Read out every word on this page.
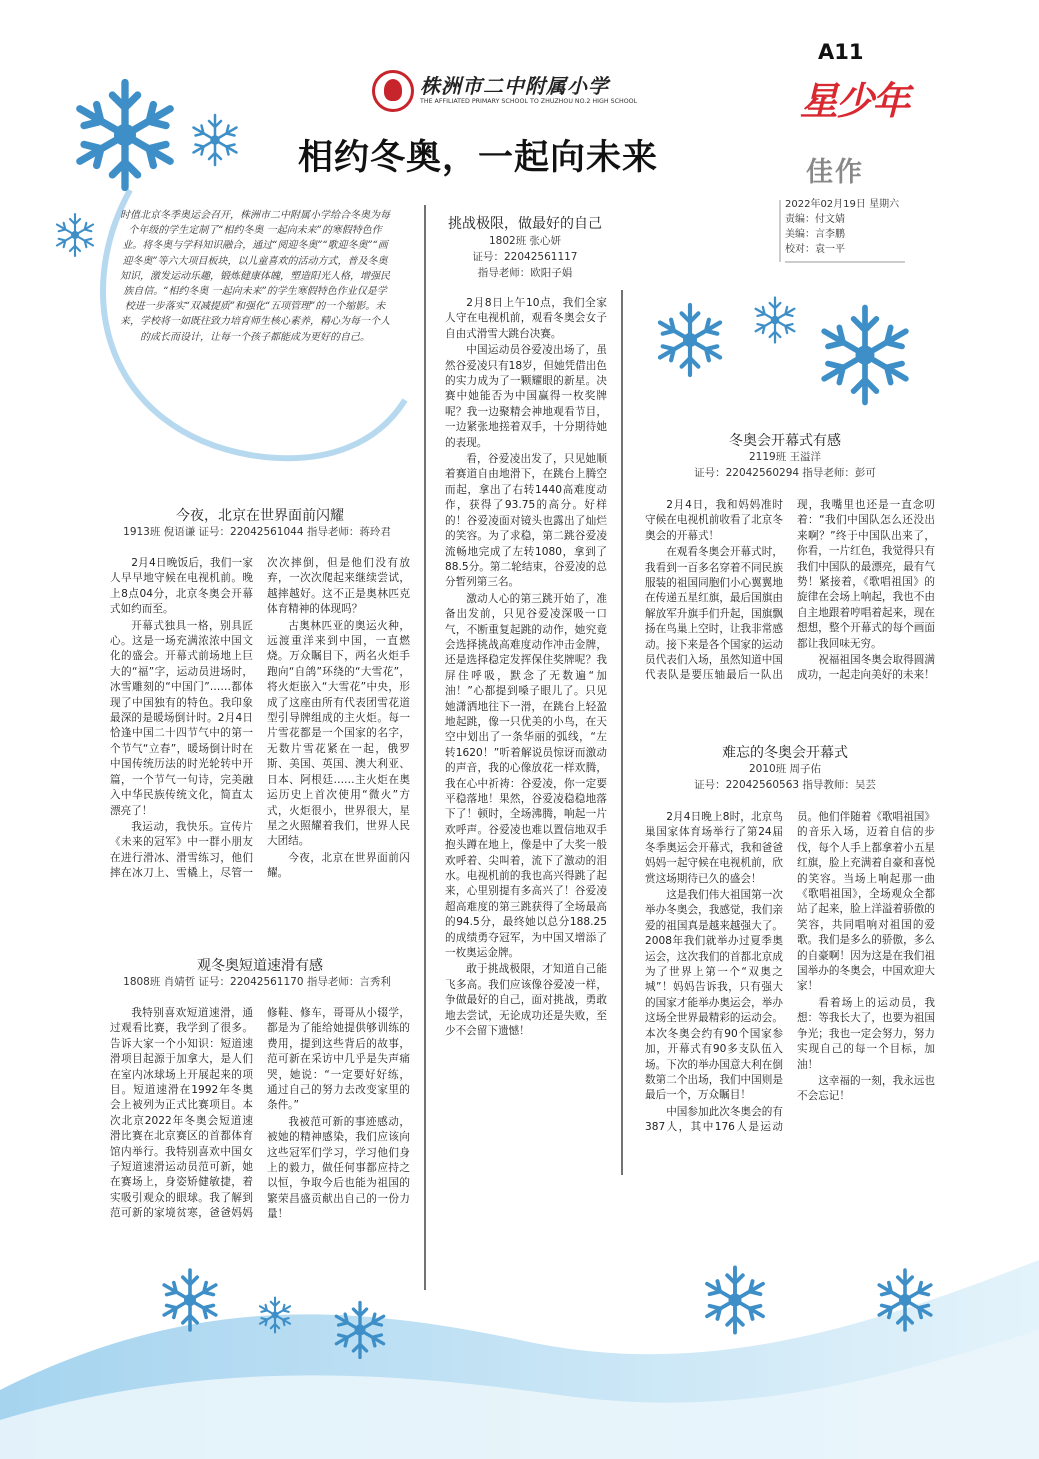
株洲市二中附属小学
THE AFFILIATED PRIMARY SCHOOL TO ZHUZHOU NO.2 HIGH SCHOOL
相约冬奥，一起向未来
A11
星少年
佳作
2022年02月19日 星期六
责编：付文婧
美编：言李鹏
校对：袁一平
时值北京冬季奥运会召开，株洲市二中附属小学给合冬奥为每个年级的学生定制了“相约冬奥 一起向未来”的寒假特色作业。将冬奥与学科知识融合，通过“阅迎冬奥”“歌迎冬奥”“画迎冬奥”等六大项目板块，以儿童喜欢的活动方式，普及冬奥知识，激发运动乐趣，锻炼健康体魄，塑造阳光人格，增强民族自信。“相约冬奥 一起向未来”的学生寒假特色作业仅是学校进一步落实“双减提质”和强化“五项管理”的一个缩影。未来，学校将一如既往致力培育师生核心素养，精心为每一个人的成长而设计，让每一个孩子都能成为更好的自己。
今夜，北京在世界面前闪耀
1913班 倪语谦 证号：22042561044 指导老师：蒋玲君

2月4日晚饭后，我们一家人早早地守候在电视机前。晚上8点04分，北京冬奥会开幕式如约而至。

开幕式独具一格，别具匠心。这是一场充满浓浓中国文化的盛会。开幕式前场地上巨大的“福”字，运动员进场时，冰雪雕刻的“中国门”……都体现了中国独有的特色。我印象最深的是暖场倒计时。2月4日恰逢中国二十四节气中的第一个节气“立春”，暖场倒计时在中国传统历法的时光轮转中开篇，一个节气一句诗，完美融入中华民族传统文化，简直太漂亮了！

我运动，我快乐。宣传片《未来的冠军》中一群小朋友在进行滑冰、滑雪练习，他们摔在冰刀上、雪橇上，尽管一次次摔倒，但是他们没有放弃，一次次爬起来继续尝试，越摔越好。这不正是奥林匹克体育精神的体现吗？

古奥林匹亚的奥运火种，远渡重洋来到中国，一直燃烧。万众瞩目下，两名火炬手跑向“自鸽”环绕的“大雪花”，将火炬嵌入“大雪花”中央，形成了这座由所有代表团雪花道型引导牌组成的主火炬。每一片雪花都是一个国家的名字，无数片雪花紧在一起，俄罗斯、美国、英国、澳大利亚、日本、阿根廷……主火炬在奥运历史上首次使用“微火”方式，火炬很小，世界很大，星星之火照耀着我们，世界人民大团结。

今夜，北京在世界面前闪耀。

观冬奥短道速滑有感
1808班 肖婧哲 证号：22042561170 指导老师：言秀利

我特别喜欢短道速滑，通过观看比赛，我学到了很多。告诉大家一个小知识：短道速滑项目起源于加拿大，是人们在室内冰球场上开展起来的项目。短道速滑在1992年冬奥会上被列为正式比赛项目。本次北京2022年冬奥会短道速滑比赛在北京赛区的首都体育馆内举行。我特别喜欢中国女子短道速滑运动员范可新，她在赛场上，身姿矫健敏捷，着实吸引观众的眼球。我了解到范可新的家境贫寒，爸爸妈妈修鞋、修车，哥哥从小辍学，都是为了能给她提供够训练的费用，提到这些背后的故事，范可新在采访中几乎是失声痛哭，她说：“一定要好好练，通过自己的努力去改变家里的条件。”

我被范可新的事迹感动，被她的精神感染，我们应该向这些冠军们学习，学习他们身上的毅力，做任何事都应持之以恒，争取今后也能为祖国的繁荣昌盛贡献出自己的一份力量！

挑战极限，做最好的自己
1802班 张心妍
证号：22042561117
指导老师：欧阳子娟

2月8日上午10点，我们全家人守在电视机前，观看冬奥会女子自由式滑雪大跳台决赛。

中国运动员谷爱凌出场了，虽然谷爱凌只有18岁，但她凭借出色的实力成为了一颗耀眼的新星。决赛中她能否为中国赢得一枚奖牌呢？我一边聚精会神地观看节目，一边紧张地搓着双手，十分期待她的表现。

看，谷爱凌出发了，只见她顺着赛道自由地滑下，在跳台上腾空而起，拿出了右转1440高难度动作，获得了93.75的高分。好样的！谷爱凌面对镜头也露出了灿烂的笑容。为了求稳，第二跳谷爱凌流畅地完成了左转1080，拿到了88.5分。第二轮结束，谷爱凌的总分暂列第三名。

激动人心的第三跳开始了，准备出发前，只见谷爱凌深吸一口气，不断重复起跳的动作，她究竟会选择挑战高难度动作冲击金牌，还是选择稳定发挥保住奖牌呢？我屏住呼吸，默念了无数遍“加油！”心都提到嗓子眼儿了。只见她潇洒地往下一滑，在跳台上轻盈地起跳，像一只优美的小鸟，在天空中划出了一条华丽的弧线，“左转1620！”听着解说员惊讶而激动的声音，我的心像放花一样欢腾，我在心中祈祷：谷爱凌，你一定要平稳落地！果然，谷爱凌稳稳地落下了！顿时，全场沸腾，响起一片欢呼声。谷爱凌也难以置信地双手抱头蹲在地上，像是中了大奖一般欢呼着、尖叫着，流下了激动的泪水。电视机前的我也高兴得跳了起来，心里别提有多高兴了！谷爱凌超高难度的第三跳获得了全场最高的94.5分，最终她以总分188.25的成绩勇夺冠军，为中国又增添了一枚奥运金牌。

敢于挑战极限，才知道自己能飞多高。我们应该像谷爱凌一样，争做最好的自己，面对挑战，勇敢地去尝试，无论成功还是失败，至少不会留下遗憾！

冬奥会开幕式有感
2119班 王溢洋
证号：22042560294 指导老师：彭可

2月4日，我和妈妈准时守候在电视机前收看了北京冬奥会的开幕式！

在观看冬奥会开幕式时，我看到一百多名穿着不同民族服装的祖国同胞们小心翼翼地在传递五星红旗，最后国旗由解放军升旗手们升起，国旗飘扬在鸟巢上空时，让我非常感动。接下来是各个国家的运动员代表们入场，虽然知道中国代表队是要压轴最后一队出现，我嘴里也还是一直念叨着：“我们中国队怎么还没出来啊？”终于中国队出来了，你看，一片红色，我觉得只有我们中国队的最漂亮，最有气势！紧接着，《歌唱祖国》的旋律在会场上响起，我也不由自主地跟着哼唱着起来，现在想想，整个开幕式的每个画面都让我回味无穷。

祝福祖国冬奥会取得圆满成功，一起走向美好的未来！

难忘的冬奥会开幕式
2010班 周子佑
证号：22042560563 指导教师：吴芸

2月4日晚上8时，北京鸟巢国家体育场举行了第24届冬季奥运会开幕式，我和爸爸妈妈一起守候在电视机前，欣赏这场期待已久的盛会！

这是我们伟大祖国第一次举办冬奥会，我感觉，我们亲爱的祖国真是越来越强大了。2008年我们就举办过夏季奥运会，这次我们的首都北京成为了世界上第一个“双奥之城”！妈妈告诉我，只有强大的国家才能举办奥运会，举办这场全世界最精彩的运动会。本次冬奥会约有90个国家参加，开幕式有90多支队伍入场。下次的举办国意大利在倒数第二个出场，我们中国则是最后一个，万众瞩目！

中国参加此次冬奥会的有387人，其中176人是运动员。他们伴随着《歌唱祖国》的音乐入场，迈着自信的步伐，每个人手上都拿着小五星红旗，脸上充满着自豪和喜悦的笑容。当场上响起那一曲《歌唱祖国》，全场观众全都站了起来，脸上洋溢着骄傲的笑容，共同唱响对祖国的爱歌。我们是多么的骄傲，多么的自豪啊！因为这是在我们祖国举办的冬奥会，中国欢迎大家！

看着场上的运动员，我想：等我长大了，也要为祖国争光；我也一定会努力，努力实现自己的每一个目标，加油！

这幸福的一刻，我永远也不会忘记！
